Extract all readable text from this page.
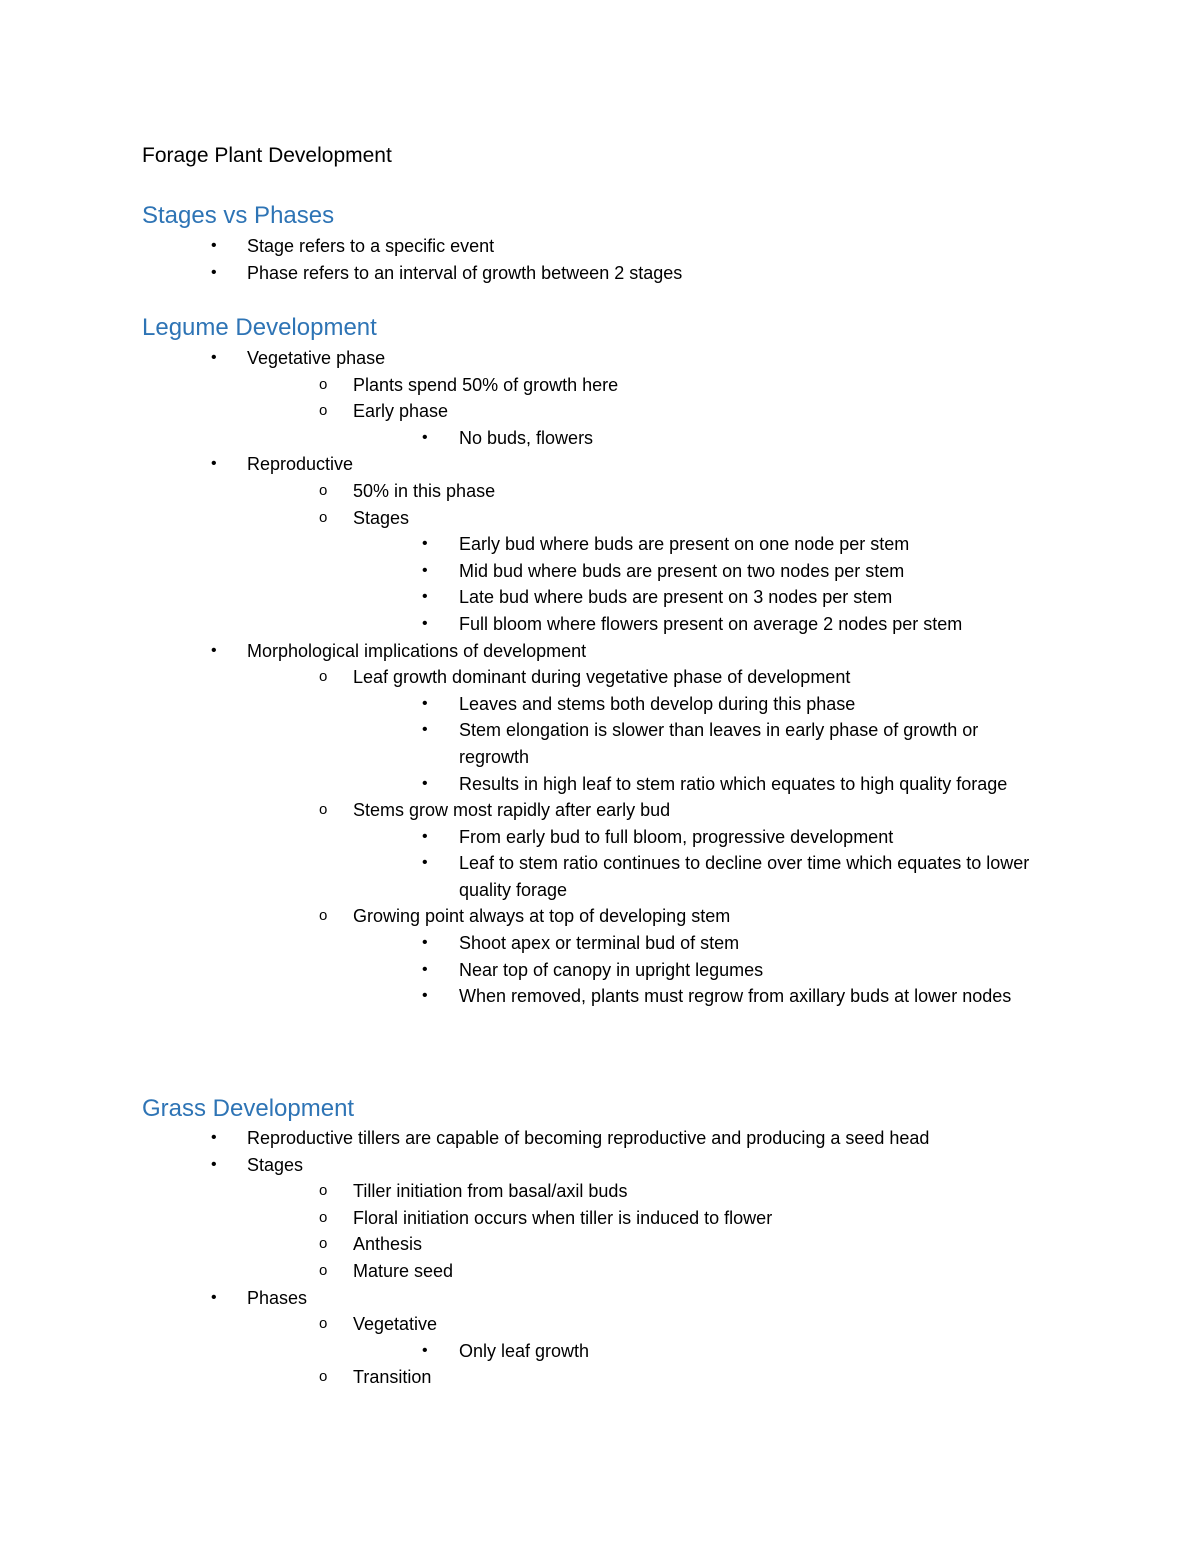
Forage Plant Development
Stages vs Phases
• Stage refers to a specific event
• Phase refers to an interval of growth between 2 stages
Legume Development
• Vegetative phase
o Plants spend 50% of growth here
o Early phase
• No buds, flowers
• Reproductive
o 50% in this phase
o Stages
• Early bud where buds are present on one node per stem
• Mid bud where buds are present on two nodes per stem
• Late bud where buds are present on 3 nodes per stem
• Full bloom where flowers present on average 2 nodes per stem
• Morphological implications of development
o Leaf growth dominant during vegetative phase of development
• Leaves and stems both develop during this phase
• Stem elongation is slower than leaves in early phase of growth or regrowth
• Results in high leaf to stem ratio which equates to high quality forage
o Stems grow most rapidly after early bud
• From early bud to full bloom, progressive development
• Leaf to stem ratio continues to decline over time which equates to lower quality forage
o Growing point always at top of developing stem
• Shoot apex or terminal bud of stem
• Near top of canopy in upright legumes
• When removed, plants must regrow from axillary buds at lower nodes
Grass Development
• Reproductive tillers are capable of becoming reproductive and producing a seed head
• Stages
o Tiller initiation from basal/axil buds
o Floral initiation occurs when tiller is induced to flower
o Anthesis
o Mature seed
• Phases
o Vegetative
• Only leaf growth
o Transition
